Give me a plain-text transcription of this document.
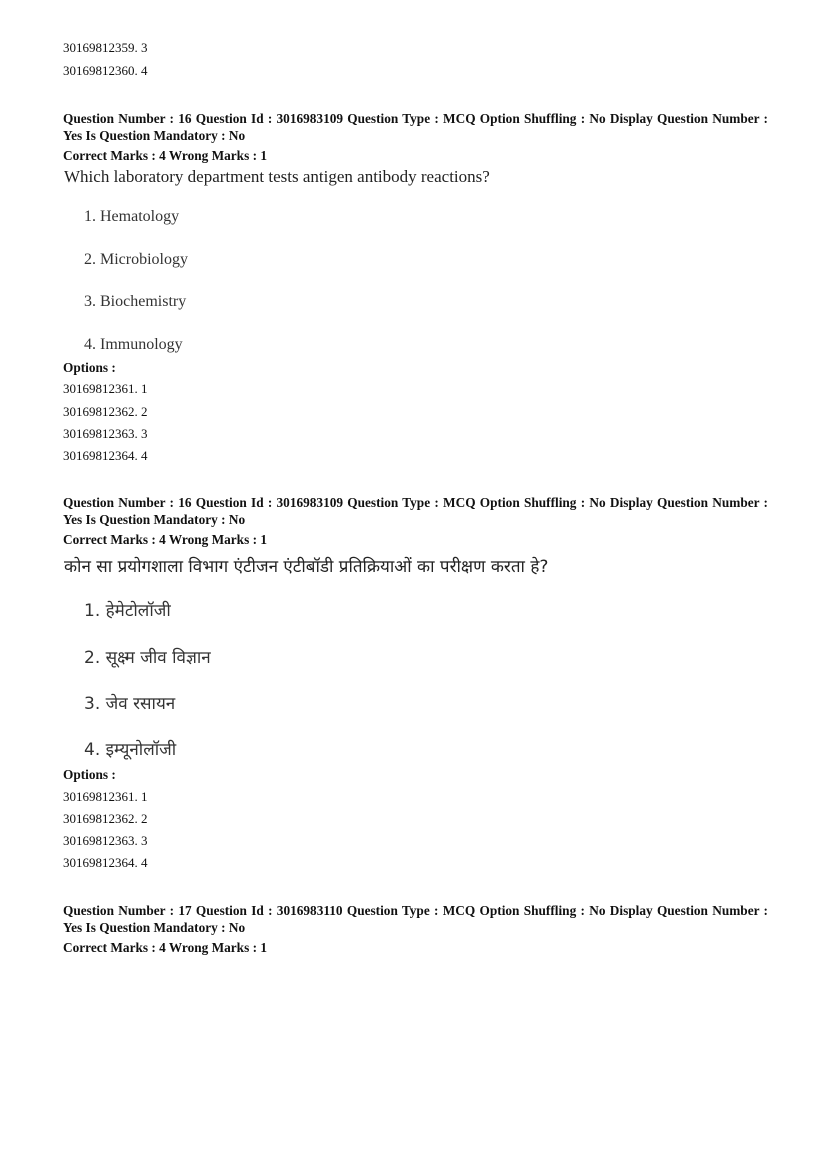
30169812359. 3
30169812360. 4
Question Number : 16 Question Id : 3016983109 Question Type : MCQ Option Shuffling : No Display Question Number : Yes Is Question Mandatory : No
Correct Marks : 4 Wrong Marks : 1
Which laboratory department tests antigen antibody reactions?
1. Hematology
2. Microbiology
3. Biochemistry
4. Immunology
Options :
30169812361. 1
30169812362. 2
30169812363. 3
30169812364. 4
Question Number : 16 Question Id : 3016983109 Question Type : MCQ Option Shuffling : No Display Question Number : Yes Is Question Mandatory : No
Correct Marks : 4 Wrong Marks : 1
कोन सा प्रयोगशाला विभाग एंटीजन एंटीबॉडी प्रतिक्रियाओं का परीक्षण करता हे?
1. हेमेटोलॉजी
2. सूक्ष्म जीव विज्ञान
3. जेव रसायन
4. इम्यूनोलॉजी
Options :
30169812361. 1
30169812362. 2
30169812363. 3
30169812364. 4
Question Number : 17 Question Id : 3016983110 Question Type : MCQ Option Shuffling : No Display Question Number : Yes Is Question Mandatory : No
Correct Marks : 4 Wrong Marks : 1
